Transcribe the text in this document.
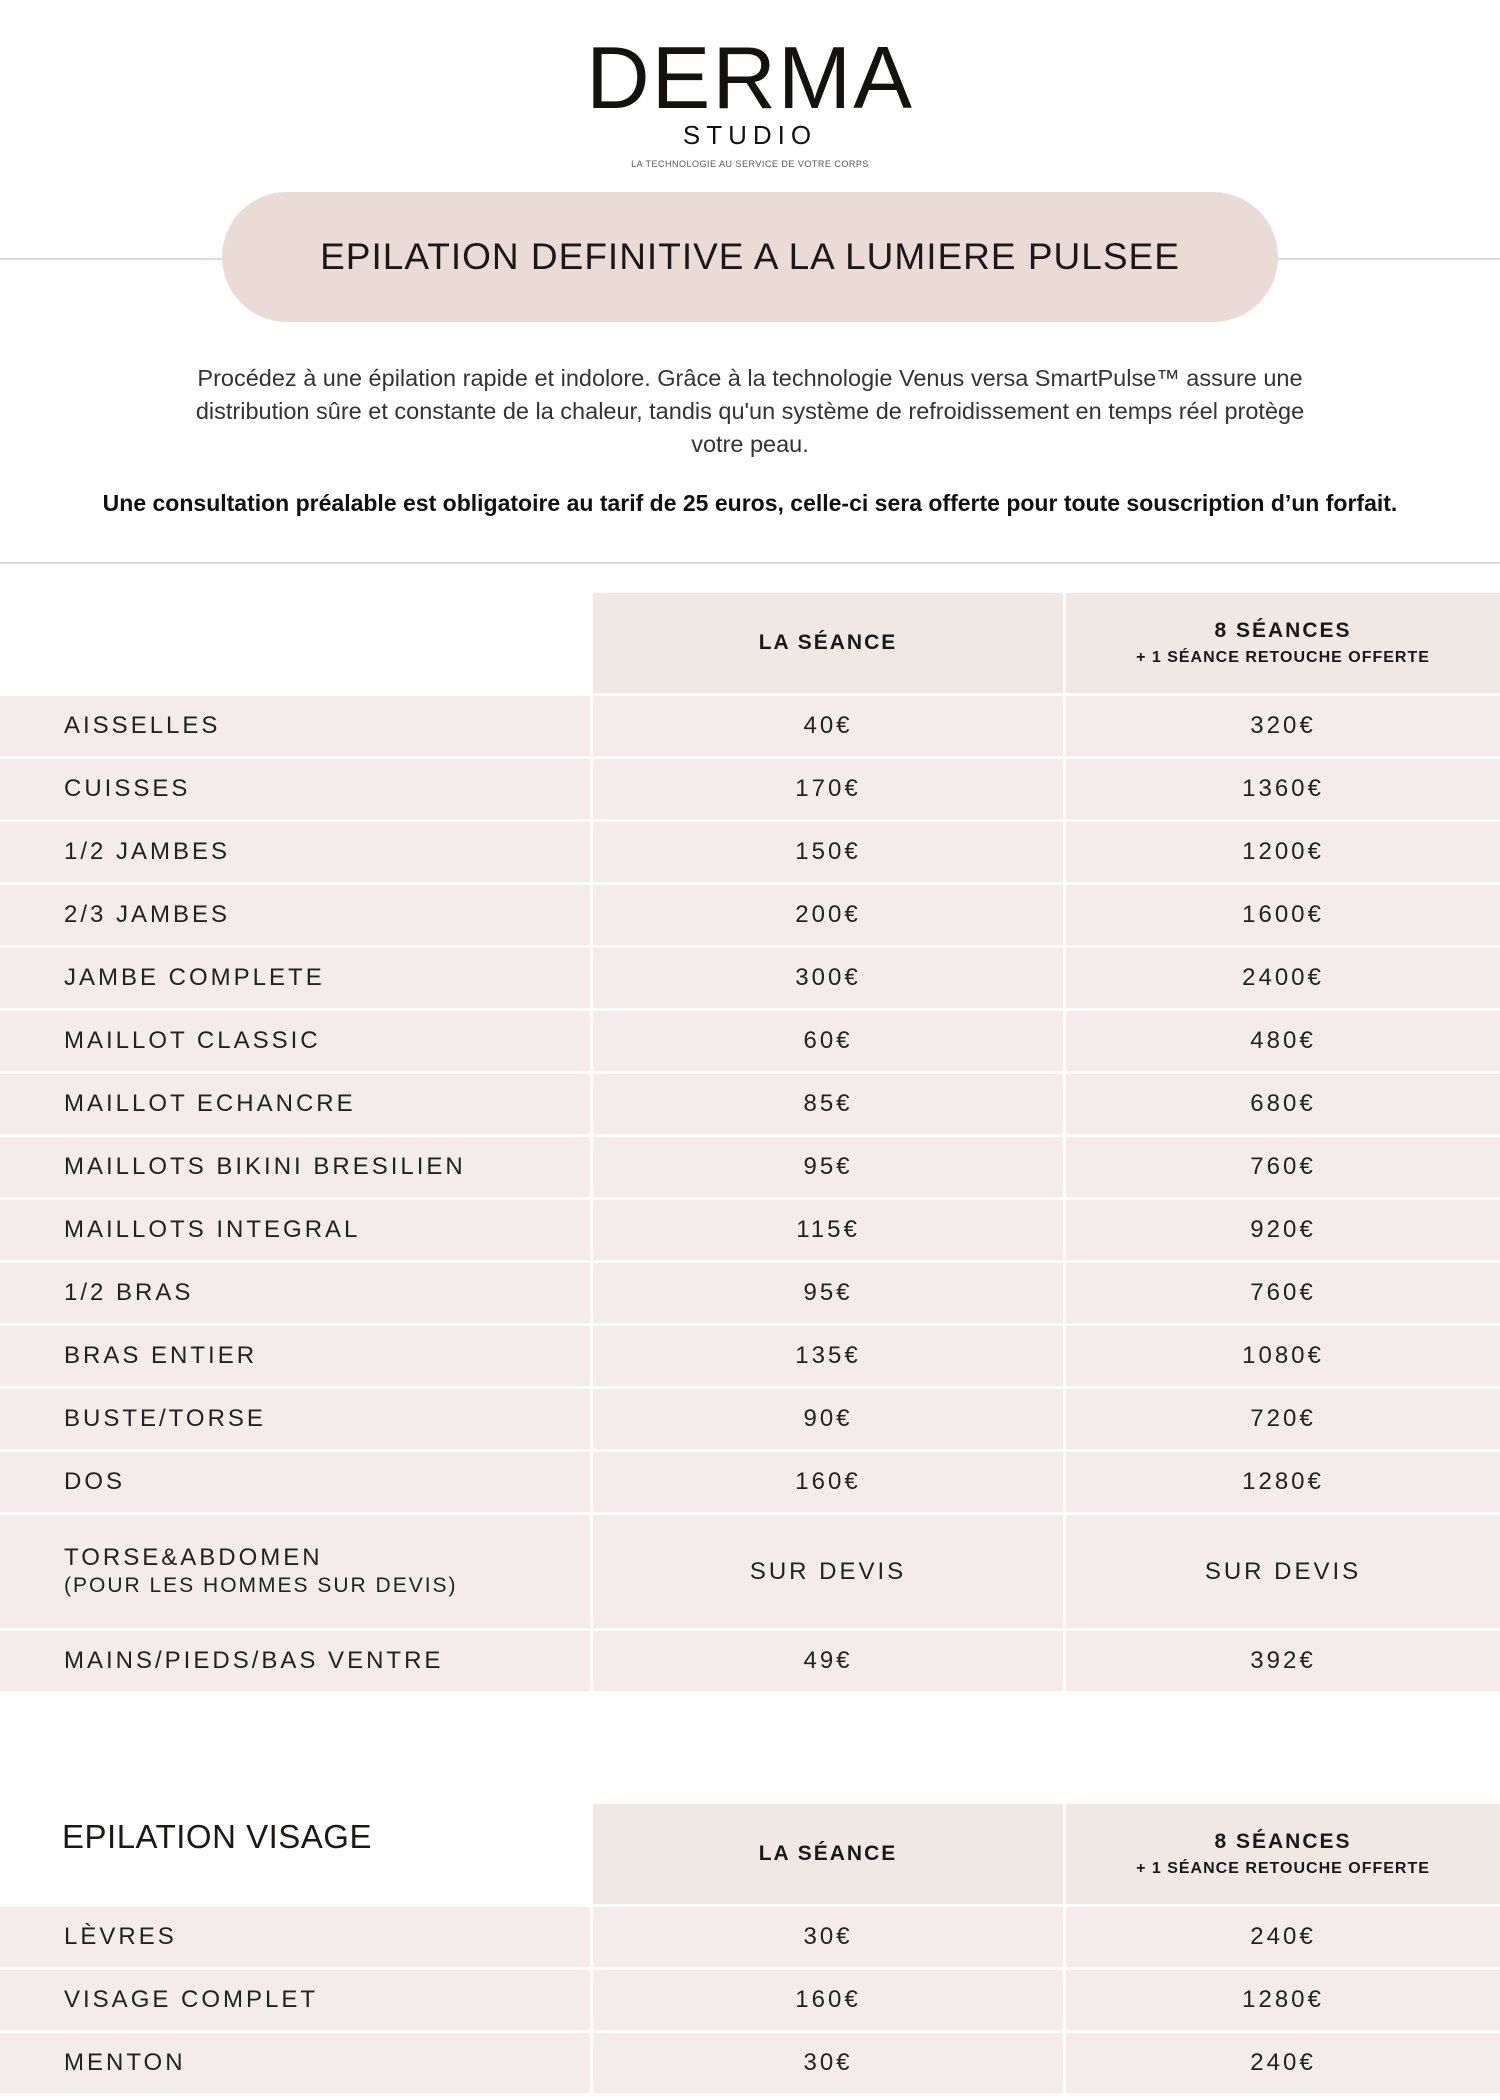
DERMA
STUDIO
LA TECHNOLOGIE AU SERVICE DE VOTRE CORPS
EPILATION DEFINITIVE A LA LUMIERE PULSEE
Procédez à une épilation rapide et indolore. Grâce à la technologie Venus versa SmartPulse™ assure une distribution sûre et constante de la chaleur, tandis qu'un système de refroidissement en temps réel protège votre peau.
Une consultation préalable est obligatoire au tarif de 25 euros, celle-ci sera offerte pour toute souscription d’un forfait.
LA SÉANCE
8 SÉANCES
+ 1 SÉANCE RETOUCHE OFFERTE
AISSELLES	40€	320€
CUISSES	170€	1360€
1/2 JAMBES	150€	1200€
2/3 JAMBES	200€	1600€
JAMBE COMPLETE	300€	2400€
MAILLOT CLASSIC	60€	480€
MAILLOT ECHANCRE	85€	680€
MAILLOTS BIKINI BRESILIEN	95€	760€
MAILLOTS INTEGRAL	115€	920€
1/2 BRAS	95€	760€
BRAS ENTIER	135€	1080€
BUSTE/TORSE	90€	720€
DOS	160€	1280€
TORSE&ABDOMEN
(POUR LES HOMMES SUR DEVIS)
SUR DEVIS	SUR DEVIS
MAINS/PIEDS/BAS VENTRE	49€	392€
EPILATION VISAGE	LA SÉANCE
8 SÉANCES
+ 1 SÉANCE RETOUCHE OFFERTE
LÈVRES	30€	240€
VISAGE COMPLET	160€	1280€
MENTON	30€	240€
